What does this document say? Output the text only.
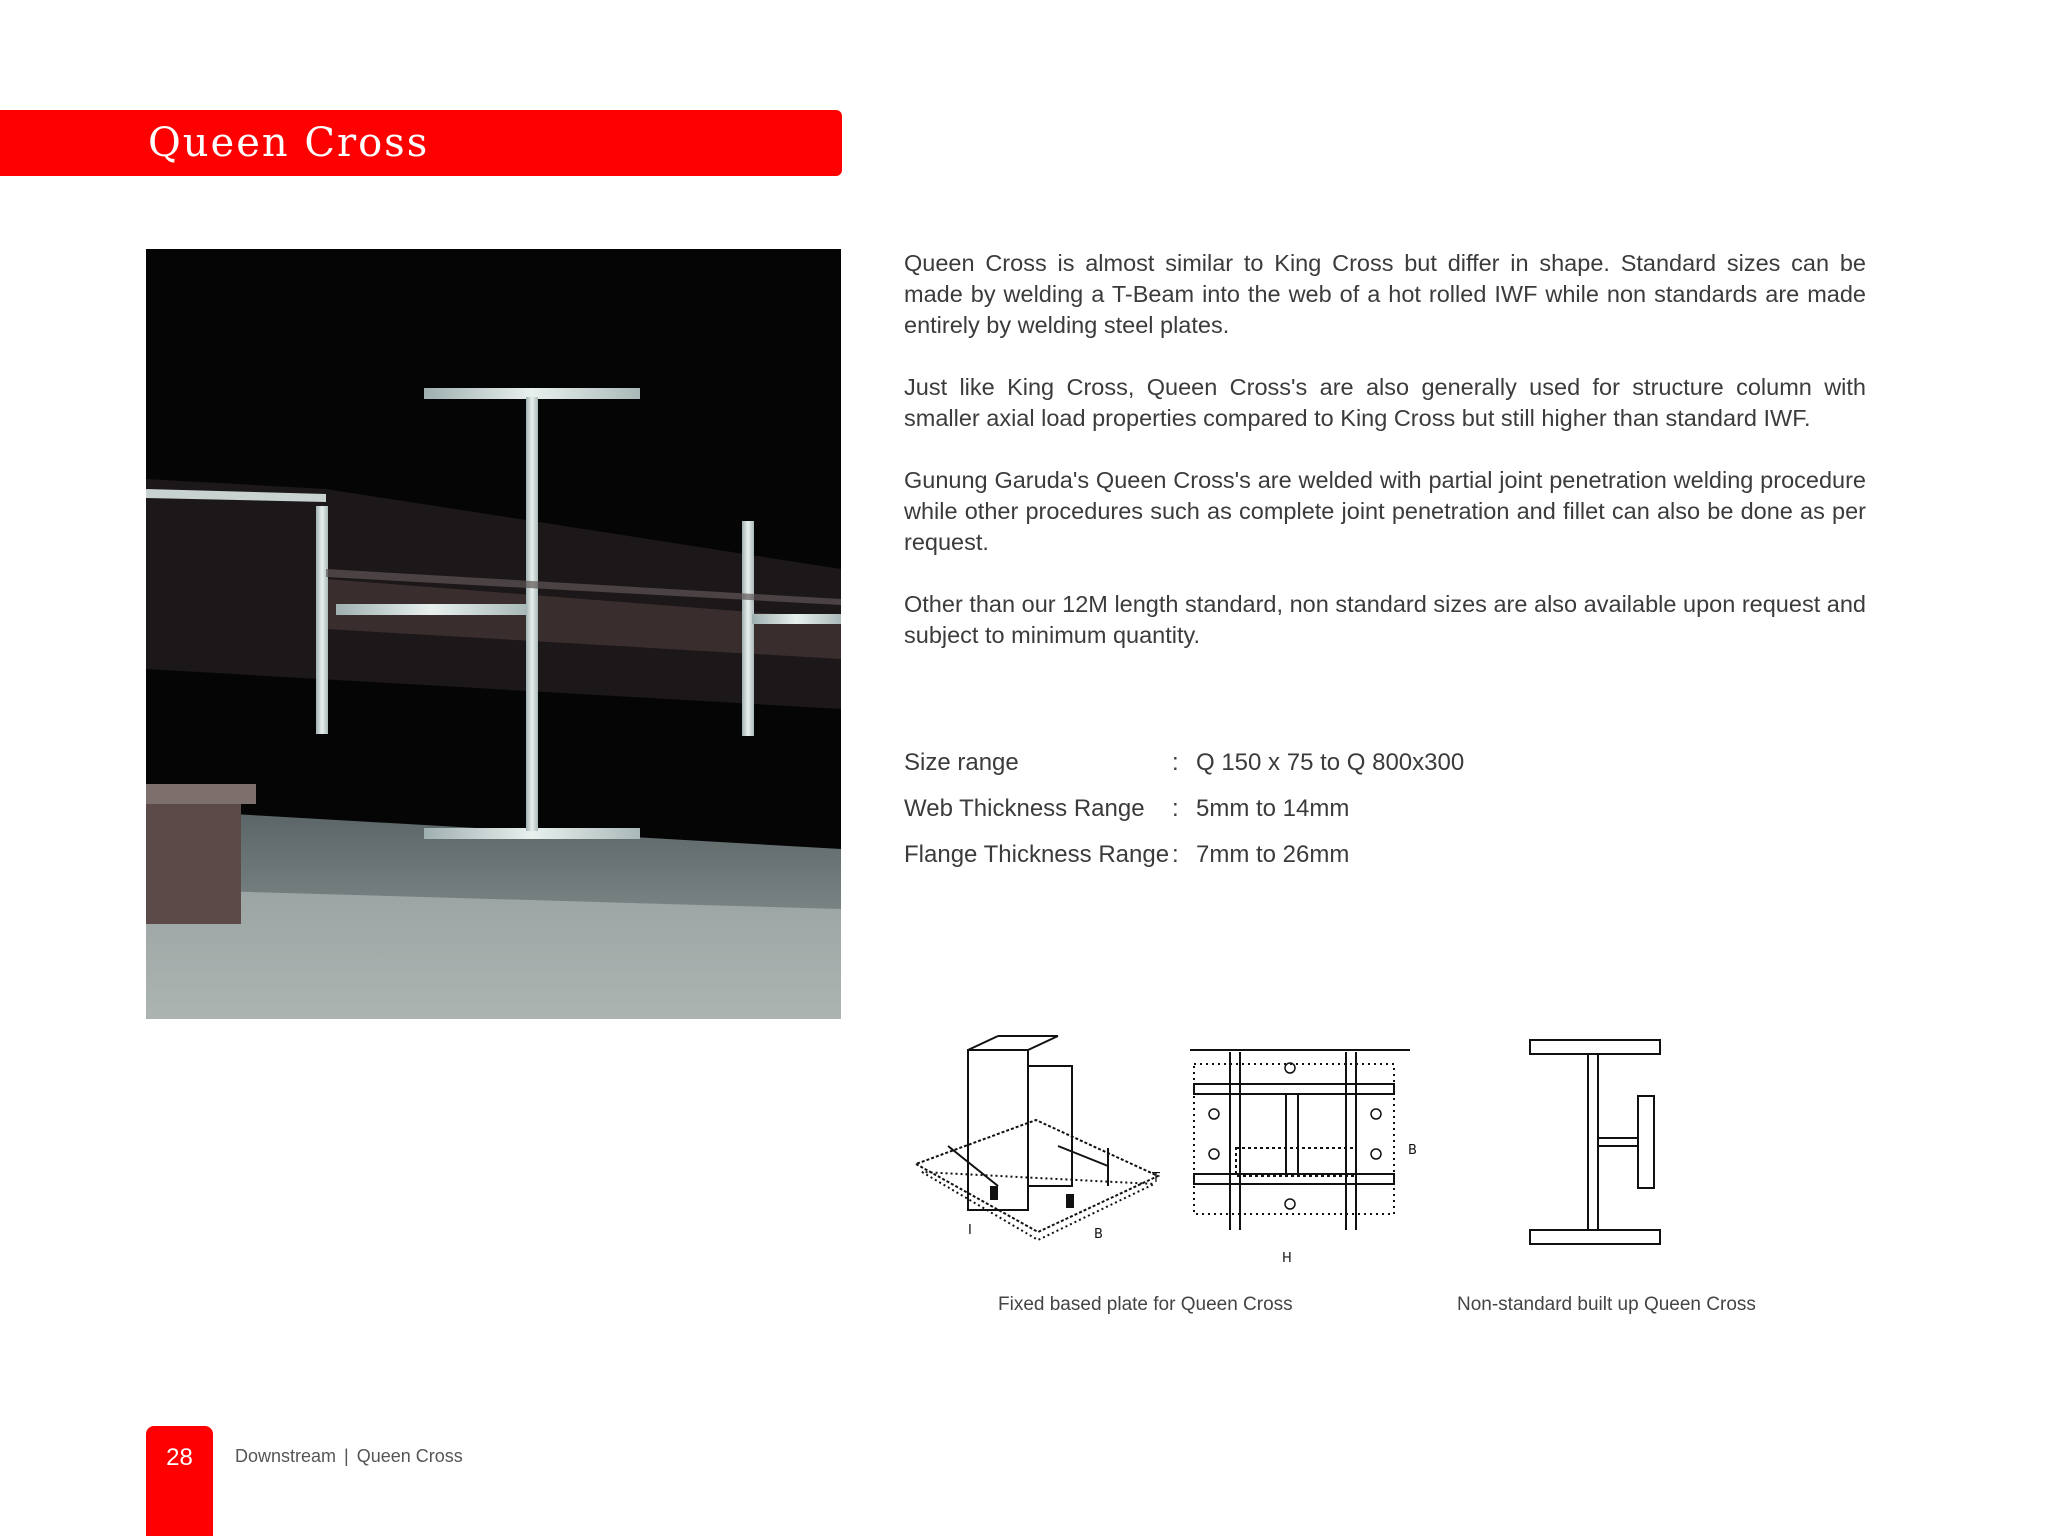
Queen Cross

Queen Cross is almost similar to King Cross but differ in shape. Standard sizes can be made by welding a T-Beam into the web of a hot rolled IWF while non standards are made entirely by welding steel plates.

Just like King Cross, Queen Cross's are also generally used for structure column with smaller axial load properties compared to King Cross but still higher than standard IWF.

Gunung Garuda's Queen Cross's are welded with partial joint penetration welding procedure while other procedures such as complete joint penetration and fillet can also be done as per request.

Other than our 12M length standard, non standard sizes are also available upon request and subject to minimum quantity.

Size range	: Q 150 x 75 to Q 800x300
Web Thickness Range : 5mm to 14mm
Flange Thickness Range : 7mm to 26mm
T
B
I
B
H
Fixed based plate for Queen Cross	Non-standard built up Queen Cross
28	Downstream | Queen Cross
